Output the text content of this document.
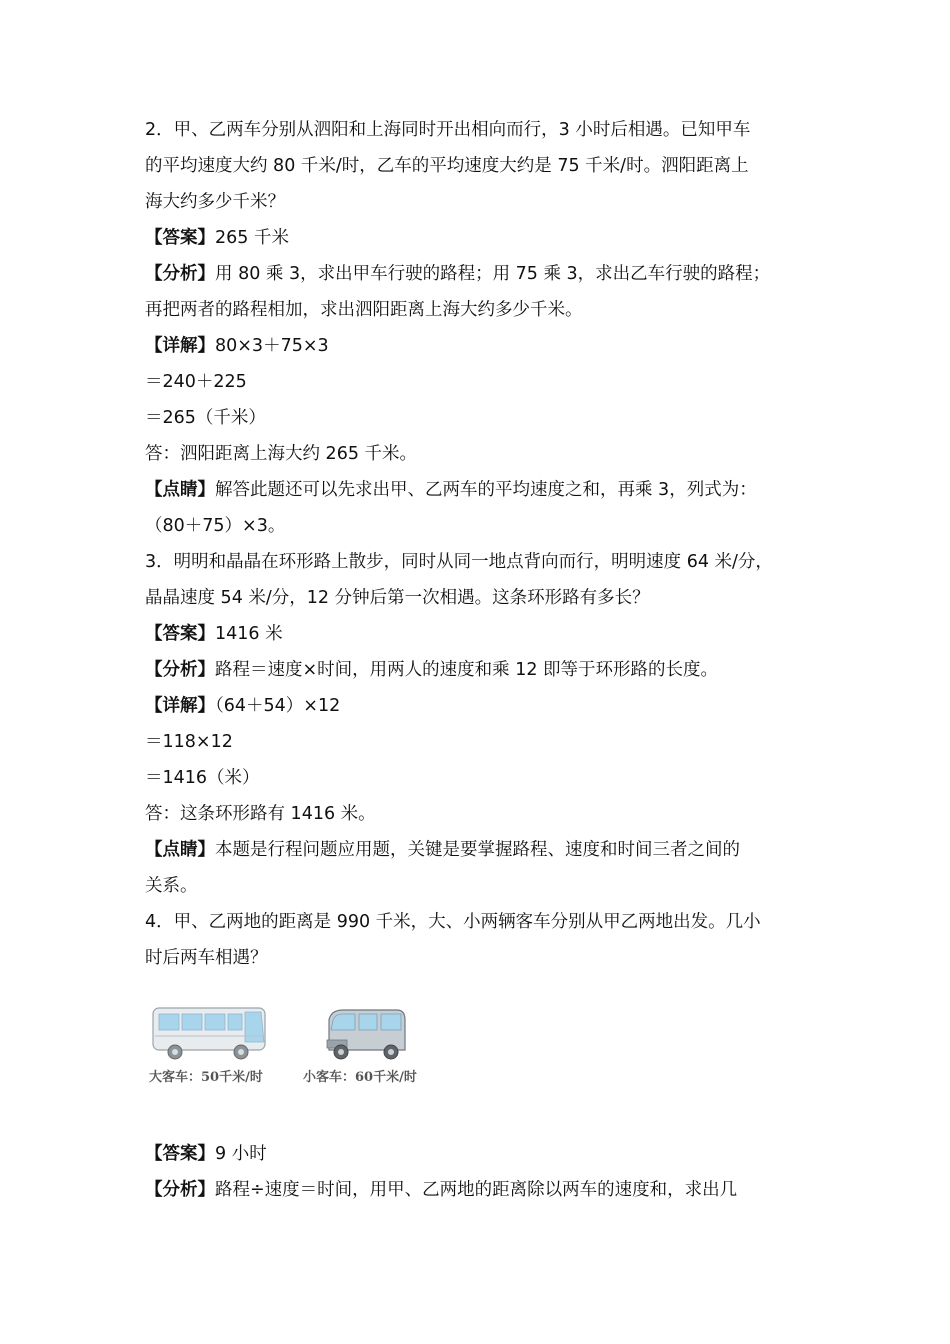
2．甲、乙两车分别从泗阳和上海同时开出相向而行，3 小时后相遇。已知甲车
的平均速度大约 80 千米/时，乙车的平均速度大约是 75 千米/时。泗阳距离上
海大约多少千米？
【答案】265 千米
【分析】用 80 乘 3，求出甲车行驶的路程；用 75 乘 3，求出乙车行驶的路程；
再把两者的路程相加，求出泗阳距离上海大约多少千米。
【详解】80×3＋75×3
＝240＋225
＝265（千米）
答：泗阳距离上海大约 265 千米。
【点睛】解答此题还可以先求出甲、乙两车的平均速度之和，再乘 3，列式为：
（80＋75）×3。
3．明明和晶晶在环形路上散步，同时从同一地点背向而行，明明速度 64 米/分，
晶晶速度 54 米/分，12 分钟后第一次相遇。这条环形路有多长？
【答案】1416 米
【分析】路程＝速度×时间，用两人的速度和乘 12 即等于环形路的长度。
【详解】（64＋54）×12
＝118×12
＝1416（米）
答：这条环形路有 1416 米。
【点睛】本题是行程问题应用题，关键是要掌握路程、速度和时间三者之间的
关系。
4．甲、乙两地的距离是 990 千米，大、小两辆客车分别从甲乙两地出发。几小
时后两车相遇？
大客车：50千米/时	小客车：60千米/时
【答案】9 小时
【分析】路程÷速度＝时间，用甲、乙两地的距离除以两车的速度和，求出几
